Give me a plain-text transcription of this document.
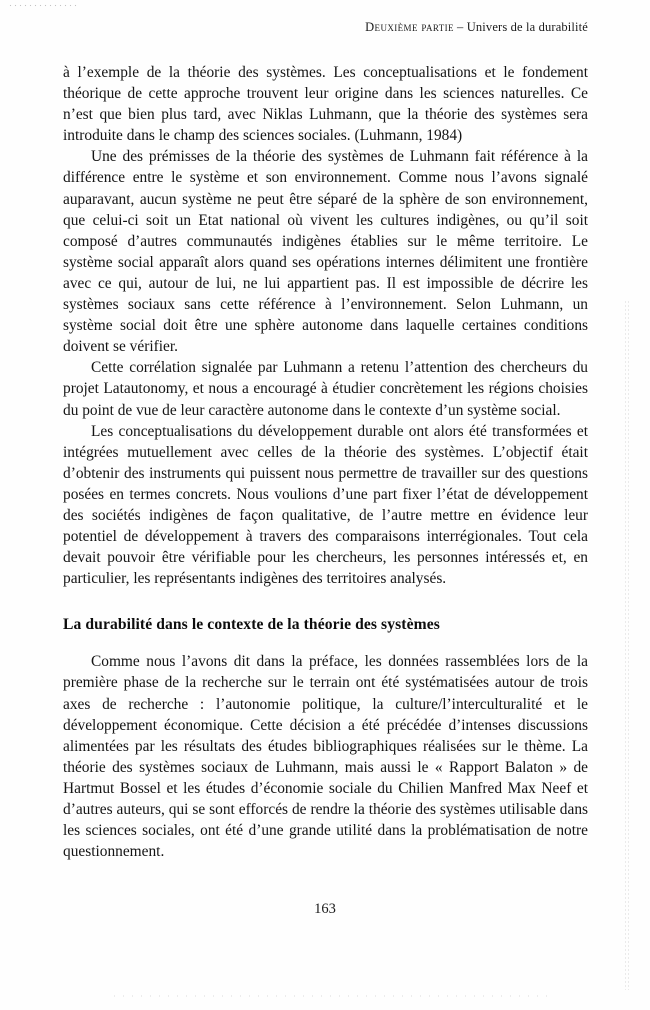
Deuxième partie – Univers de la durabilité

à l’exemple de la théorie des systèmes. Les conceptualisations et le fondement théorique de cette approche trouvent leur origine dans les sciences naturelles. Ce n’est que bien plus tard, avec Niklas Luhmann, que la théorie des systèmes sera introduite dans le champ des sciences sociales. (Luhmann, 1984)

Une des prémisses de la théorie des systèmes de Luhmann fait référence à la différence entre le système et son environnement. Comme nous l’avons signalé auparavant, aucun système ne peut être séparé de la sphère de son environnement, que celui-ci soit un Etat national où vivent les cultures indigènes, ou qu’il soit composé d’autres communautés indigènes établies sur le même territoire. Le système social apparaît alors quand ses opérations internes délimitent une frontière avec ce qui, autour de lui, ne lui appartient pas. Il est impossible de décrire les systèmes sociaux sans cette référence à l’environnement. Selon Luhmann, un système social doit être une sphère autonome dans laquelle certaines conditions doivent se vérifier.

Cette corrélation signalée par Luhmann a retenu l’attention des chercheurs du projet Latautonomy, et nous a encouragé à étudier concrètement les régions choisies du point de vue de leur caractère autonome dans le contexte d’un système social.

Les conceptualisations du développement durable ont alors été transformées et intégrées mutuellement avec celles de la théorie des systèmes. L’objectif était d’obtenir des instruments qui puissent nous permettre de travailler sur des questions posées en termes concrets. Nous voulions d’une part fixer l’état de développement des sociétés indigènes de façon qualitative, de l’autre mettre en évidence leur potentiel de développement à travers des comparaisons interrégionales. Tout cela devait pouvoir être vérifiable pour les chercheurs, les personnes intéressés et, en particulier, les représentants indigènes des territoires analysés.

La durabilité dans le contexte de la théorie des systèmes

Comme nous l’avons dit dans la préface, les données rassemblées lors de la première phase de la recherche sur le terrain ont été systématisées autour de trois axes de recherche : l’autonomie politique, la culture/l’interculturalité et le développement économique. Cette décision a été précédée d’intenses discussions alimentées par les résultats des études bibliographiques réalisées sur le thème. La théorie des systèmes sociaux de Luhmann, mais aussi le « Rapport Balaton » de Hartmut Bossel et les études d’économie sociale du Chilien Manfred Max Neef et d’autres auteurs, qui se sont efforcés de rendre la théorie des systèmes utilisable dans les sciences sociales, ont été d’une grande utilité dans la problématisation de notre questionnement.

163
